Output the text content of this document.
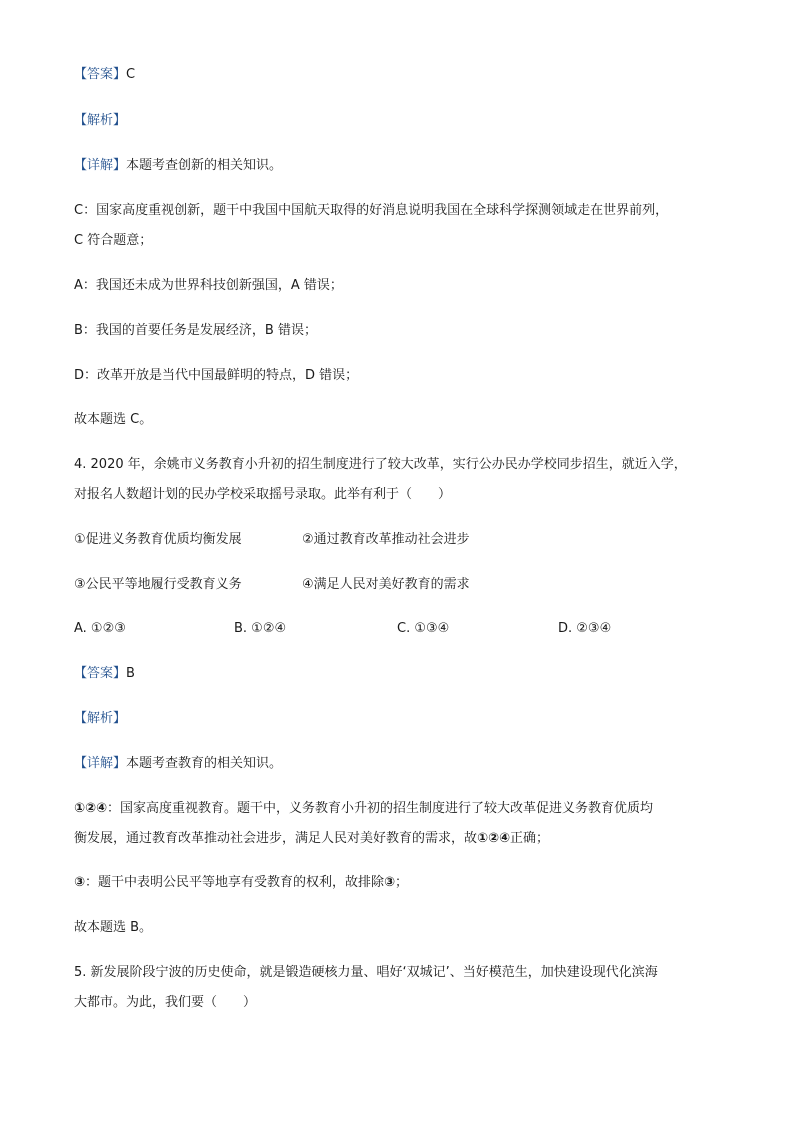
【答案】C
【解析】
【详解】本题考查创新的相关知识。
C：国家高度重视创新，题干中我国中国航天取得的好消息说明我国在全球科学探测领域走在世界前列，
C 符合题意；
A：我国还未成为世界科技创新强国，A 错误；
B：我国的首要任务是发展经济，B 错误；
D：改革开放是当代中国最鲜明的特点，D 错误；
故本题选 C。
4. 2020 年，余姚市义务教育小升初的招生制度进行了较大改革，实行公办民办学校同步招生，就近入学，
对报名人数超计划的民办学校采取摇号录取。此举有利于（　　）
①促进义务教育优质均衡发展	②通过教育改革推动社会进步
③公民平等地履行受教育义务	④满足人民对美好教育的需求
A. ①②③	B. ①②④	C. ①③④	D. ②③④
【答案】B
【解析】
【详解】本题考查教育的相关知识。
①②④：国家高度重视教育。题干中，义务教育小升初的招生制度进行了较大改革促进义务教育优质均
衡发展，通过教育改革推动社会进步，满足人民对美好教育的需求，故①②④正确；
③：题干中表明公民平等地享有受教育的权利，故排除③；
故本题选 B。
5. 新发展阶段宁波的历史使命，就是锻造硬核力量、唱好‘双城记’、当好模范生，加快建设现代化滨海
大都市。为此，我们要（　　）
